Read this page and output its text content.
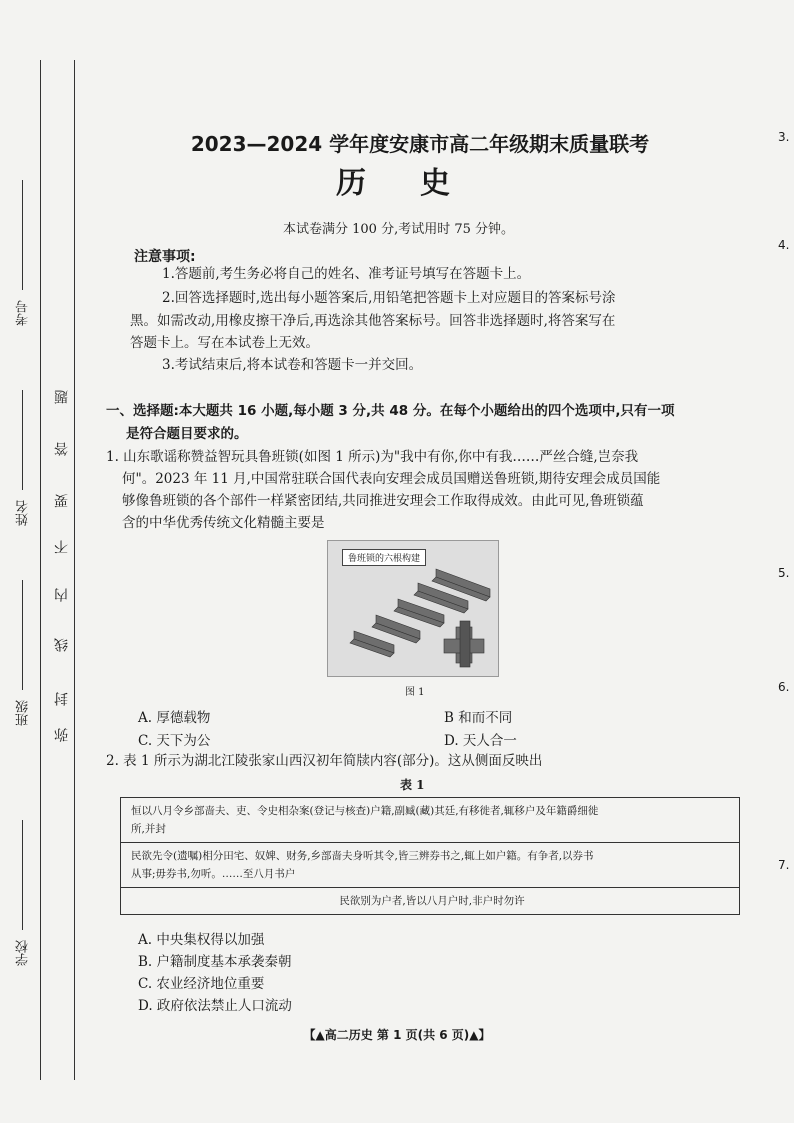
考号
姓名
班级
学校
题
答
要
不
内
线
封
弥
3.
4.
5.
6.
7.
2023—2024 学年度安康市高二年级期末质量联考
历史
本试卷满分 100 分,考试用时 75 分钟。
注意事项:
1.答题前,考生务必将自己的姓名、准考证号填写在答题卡上。
2.回答选择题时,选出每小题答案后,用铅笔把答题卡上对应题目的答案标号涂
黑。如需改动,用橡皮擦干净后,再选涂其他答案标号。回答非选择题时,将答案写在
答题卡上。写在本试卷上无效。
3.考试结束后,将本试卷和答题卡一并交回。
一、选择题:本大题共 16 小题,每小题 3 分,共 48 分。在每个小题给出的四个选项中,只有一项
是符合题目要求的。
1. 山东歌谣称赞益智玩具鲁班锁(如图 1 所示)为"我中有你,你中有我……严丝合缝,岂奈我
何"。2023 年 11 月,中国常驻联合国代表向安理会成员国赠送鲁班锁,期待安理会成员国能
够像鲁班锁的各个部件一样紧密团结,共同推进安理会工作取得成效。由此可见,鲁班锁蕴
含的中华优秀传统文化精髓主要是
鲁班锁的六根构建
图 1
A. 厚德载物	B 和而不同
C. 天下为公	D. 天人合一
2. 表 1 所示为湖北江陵张家山西汉初年简牍内容(部分)。这从侧面反映出
表 1
恒以八月令乡部啬夫、吏、令史相杂案(登记与核查)户籍,副臧(藏)其廷,有移徙者,辄移户及年籍爵细徙
所,并封
民欲先令(遗嘱)相分田宅、奴婢、财务,乡部啬夫身听其令,皆三辨券书之,辄上如户籍。有争者,以券书
从事;毋券书,勿听。……至八月书户
民欲别为户者,皆以八月户时,非户时勿许
A. 中央集权得以加强
B. 户籍制度基本承袭秦朝
C. 农业经济地位重要
D. 政府依法禁止人口流动
【▲高二历史 第 1 页(共 6 页)▲】
